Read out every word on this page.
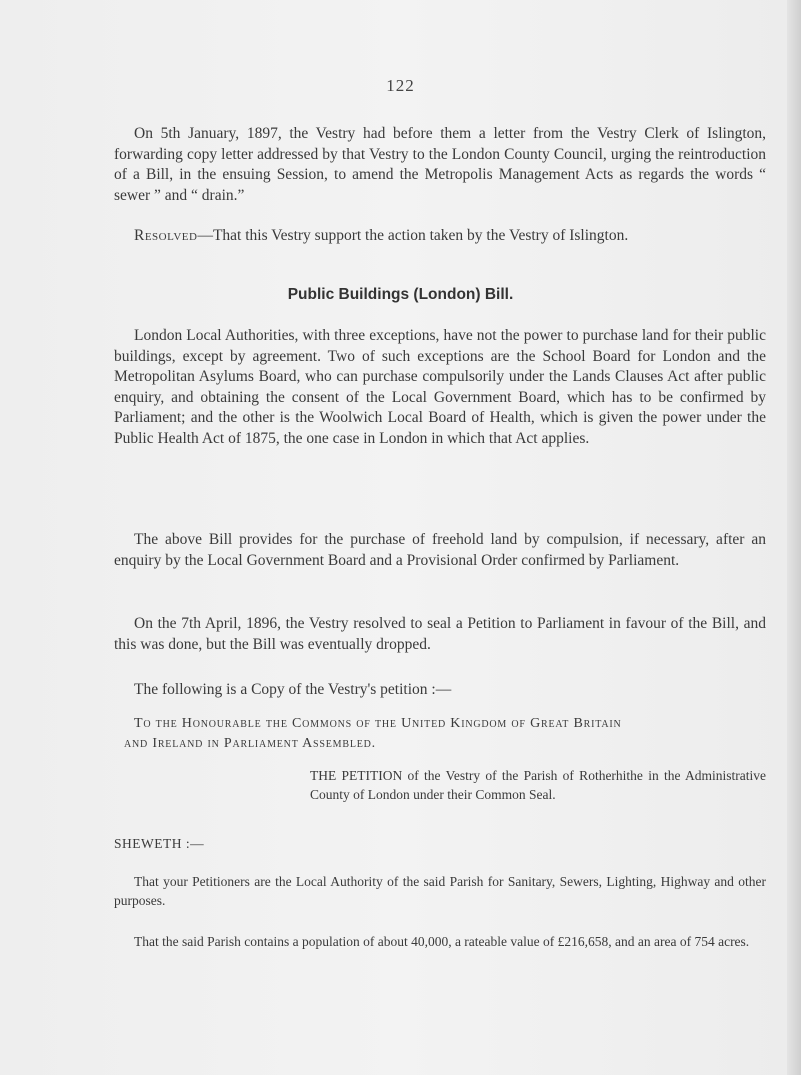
122

On 5th January, 1897, the Vestry had before them a letter from the Vestry Clerk of Islington, forwarding copy letter addressed by that Vestry to the London County Council, urging the reintroduction of a Bill, in the ensuing Session, to amend the Metropolis Management Acts as regards the words “ sewer ” and “ drain.”

Resolved—That this Vestry support the action taken by the Vestry of Islington.

Public Buildings (London) Bill.

London Local Authorities, with three exceptions, have not the power to purchase land for their public buildings, except by agreement. Two of such exceptions are the School Board for London and the Metropolitan Asylums Board, who can purchase compulsorily under the Lands Clauses Act after public enquiry, and obtaining the consent of the Local Government Board, which has to be confirmed by Parliament; and the other is the Woolwich Local Board of Health, which is given the power under the Public Health Act of 1875, the one case in London in which that Act applies.

The above Bill provides for the purchase of freehold land by compulsion, if necessary, after an enquiry by the Local Government Board and a Provisional Order confirmed by Parliament.

On the 7th April, 1896, the Vestry resolved to seal a Petition to Parliament in favour of the Bill, and this was done, but the Bill was eventually dropped.

The following is a Copy of the Vestry's petition :—

To the Honourable the Commons of the United Kingdom of Great Britain

and Ireland in Parliament Assembled.

THE PETITION of the Vestry of the Parish of Rotherhithe in the Administrative County of London under their Common Seal.

SHEWETH :—

That your Petitioners are the Local Authority of the said Parish for Sanitary, Sewers, Lighting, Highway and other purposes.

That the said Parish contains a population of about 40,000, a rateable value of £216,658, and an area of 754 acres.
